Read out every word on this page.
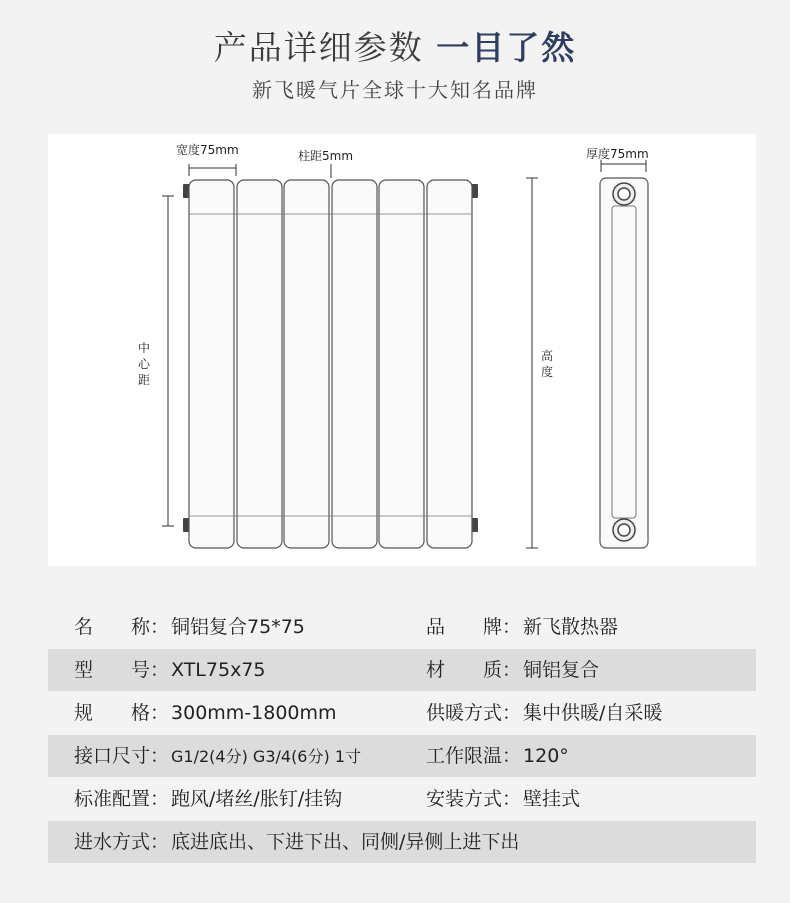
产品详细参数 一目了然
新飞暖气片全球十大知名品牌
宽度75mm	柱距5mm
中心距
高度
厚度75mm
名　　称： 铜铝复合75*75	品　　牌： 新飞散热器
型　　号： XTL75x75	材　　质： 铜铝复合
规　　格： 300mm-1800mm	供暖方式： 集中供暖/自采暖
接口尺寸： G1/2(4分) G3/4(6分) 1寸	工作限温： 120°
标准配置： 跑风/堵丝/胀钉/挂钩	安装方式： 壁挂式
进水方式： 底进底出、下进下出、同侧/异侧上进下出
